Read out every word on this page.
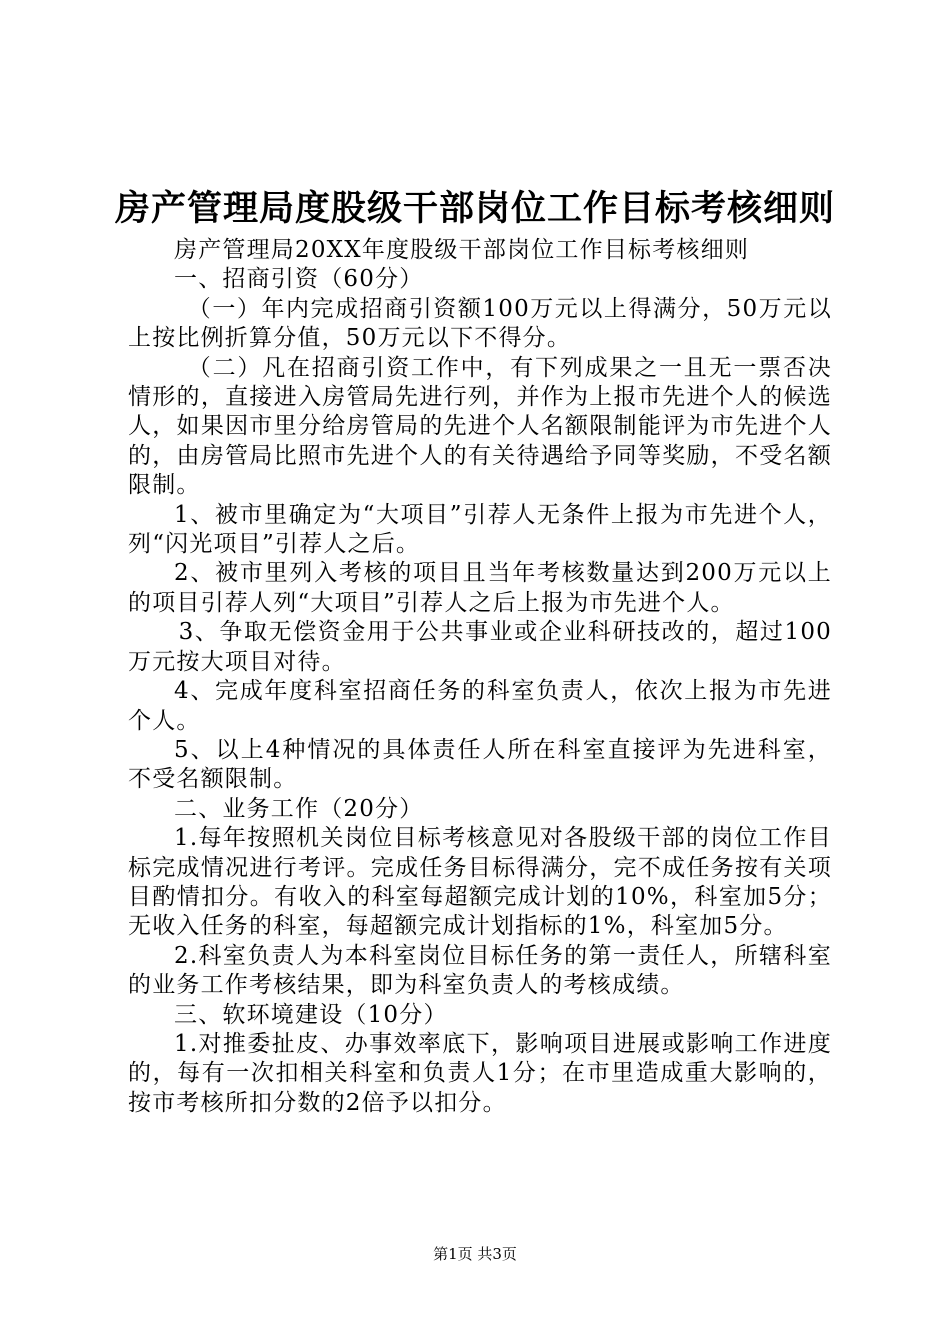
房产管理局度股级干部岗位工作目标考核细则

房产管理局20XX年度股级干部岗位工作目标考核细则

一、招商引资（60分）

（一）年内完成招商引资额100万元以上得满分，50万元以上按比例折算分值，50万元以下不得分。

（二）凡在招商引资工作中，有下列成果之一且无一票否决情形的，直接进入房管局先进行列，并作为上报市先进个人的候选人，如果因市里分给房管局的先进个人名额限制能评为市先进个人的，由房管局比照市先进个人的有关待遇给予同等奖励，不受名额限制。

1、被市里确定为“大项目”引荐人无条件上报为市先进个人，列“闪光项目”引荐人之后。

2、被市里列入考核的项目且当年考核数量达到200万元以上的项目引荐人列“大项目”引荐人之后上报为市先进个人。

3、争取无偿资金用于公共事业或企业科研技改的，超过100万元按大项目对待。

4、完成年度科室招商任务的科室负责人，依次上报为市先进个人。

5、以上4种情况的具体责任人所在科室直接评为先进科室，不受名额限制。

二、业务工作（20分）

1.每年按照机关岗位目标考核意见对各股级干部的岗位工作目标完成情况进行考评。完成任务目标得满分，完不成任务按有关项目酌情扣分。有收入的科室每超额完成计划的10%，科室加5分；无收入任务的科室，每超额完成计划指标的1%，科室加5分。

2.科室负责人为本科室岗位目标任务的第一责任人，所辖科室的业务工作考核结果，即为科室负责人的考核成绩。

三、软环境建设（10分）

1.对推委扯皮、办事效率底下，影响项目进展或影响工作进度的，每有一次扣相关科室和负责人1分；在市里造成重大影响的，按市考核所扣分数的2倍予以扣分。

第1页 共3页
